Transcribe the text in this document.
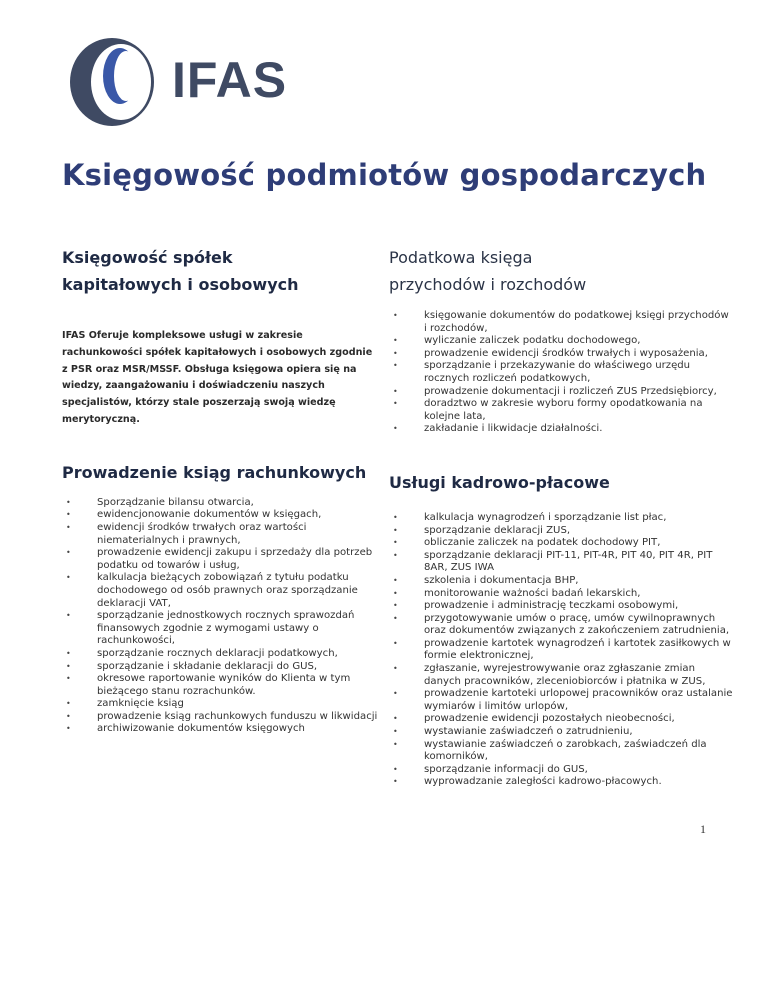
IFAS
Księgowość podmiotów gospodarczych
Księgowość spółek
kapitałowych i osobowych

IFAS Oferuje kompleksowe usługi w zakresie rachunkowości spółek kapitałowych i osobowych zgodnie z PSR oraz MSR/MSSF. Obsługa księgowa opiera się na wiedzy, zaangażowaniu i doświadczeniu naszych specjalistów, którzy stale poszerzają swoją wiedzę merytoryczną.

Prowadzenie ksiąg rachunkowych
•	Sporządzanie bilansu otwarcia,
•	ewidencjonowanie dokumentów w księgach,
•	ewidencji środków trwałych oraz wartości niematerialnych i prawnych,
•	prowadzenie ewidencji zakupu i sprzedaży dla potrzeb podatku od towarów i usług,
•	kalkulacja bieżących zobowiązań z tytułu podatku dochodowego od osób prawnych oraz sporządzanie deklaracji VAT,
•	sporządzanie jednostkowych rocznych sprawozdań finansowych zgodnie z wymogami ustawy o rachunkowości,
•	sporządzanie rocznych deklaracji podatkowych,
•	sporządzanie i składanie deklaracji do GUS,
•	okresowe raportowanie wyników do Klienta w tym bieżącego stanu rozrachunków.
•	zamknięcie ksiąg
•	prowadzenie ksiąg rachunkowych funduszu w likwidacji
•	archiwizowanie dokumentów księgowych
Podatkowa księga
przychodów i rozchodów
•	księgowanie dokumentów do podatkowej księgi przychodów i rozchodów,
•	wyliczanie zaliczek podatku dochodowego,
•	prowadzenie ewidencji środków trwałych i wyposażenia,
•	sporządzanie i przekazywanie do właściwego urzędu rocznych rozliczeń podatkowych,
•	prowadzenie dokumentacji i rozliczeń ZUS Przedsiębiorcy,
•	doradztwo w zakresie wyboru formy opodatkowania na kolejne lata,
•	zakładanie i likwidacje działalności.
Usługi kadrowo-płacowe
•	kalkulacja wynagrodzeń i sporządzanie list płac,
•	sporządzanie deklaracji ZUS,
•	obliczanie zaliczek na podatek dochodowy PIT,
•	sporządzanie deklaracji PIT-11, PIT-4R, PIT 40, PIT 4R, PIT 8AR, ZUS IWA
•	szkolenia i dokumentacja BHP,
•	monitorowanie ważności badań lekarskich,
•	prowadzenie i administrację teczkami osobowymi,
•	przygotowywanie umów o pracę, umów cywilnoprawnych oraz dokumentów związanych z zakończeniem zatrudnienia,
•	prowadzenie kartotek wynagrodzeń i kartotek zasiłkowych w formie elektronicznej,
•	zgłaszanie, wyrejestrowywanie oraz zgłaszanie zmian danych pracowników, zleceniobiorców i płatnika w ZUS,
•	prowadzenie kartoteki urlopowej pracowników oraz ustalanie wymiarów i limitów urlopów,
•	prowadzenie ewidencji pozostałych nieobecności,
•	wystawianie zaświadczeń o zatrudnieniu,
•	wystawianie zaświadczeń o zarobkach, zaświadczeń dla komorników,
•	sporządzanie informacji do GUS,
•	wyprowadzanie zaległości kadrowo-płacowych.
1
